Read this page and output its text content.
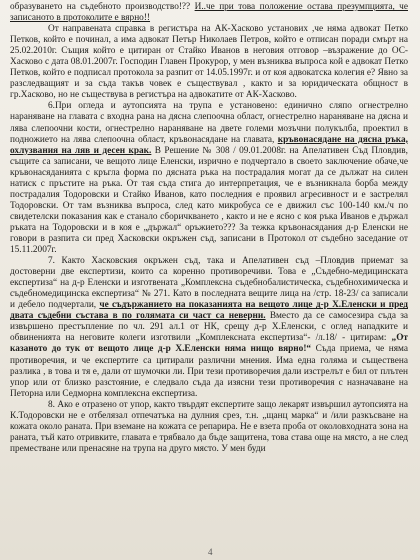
образуването на съдебното производство!?? И..че при това положение остава презумпцията, че записаното в протоколите е вярно!!

От направената справка в регистъра на АК-Хасково установих ,че няма адвокат Петко Петков, който е починал, а има адвокат Петър Николаев Петров, който е отписан поради смърт на 25.02.2010г. Същия който е цитиран от Стайко Иванов в неговия отговор –възражение до ОС-Хасково с дата 08.01.2007г. Господин Главен Прокурор, у мен възниква въпроса кой е адвокат Петко Петков, който е подписал протокола за разпит от 14.05.1997г. и от коя адвокатска колегия е? Явно за разследващият и за съда такъв човек е съществувал , както и за юридическата общност в гр.Хасково, но не съществува в регистъра на адвокатите от АК-Хасково.

6.При огледа и аутопсията на трупа е установено: единично сляпо огнестрелно нараняване на главата с входна рана на дясна слепоочна област, огнестрелно нараняване на дясна и лява слепоочни кости, огнестрелно нараняване на двете големи мозъчни полукълба, проектил в подножието на лява слепоочна област, кръвонасядане на главата, кръвонасядане на дясна ръка, охлузвания на ляв и десен крак. В Решение № 308 / 09.01.2008г. на Апелативен Съд Пловдив, същите са записани, че вещото лице Еленски, изрично е подчертало в своето заключение обаче,че кръвонасяданията с кръгла форма по дясната ръка на пострадалия могат да се дължат на силен натиск с пръстите на ръка. От тая съда стига до интерпретация, че е възникнала борба между пострадалия Тодоровски и Стайко Иванов, като последния е проявил агресивност и е застрелял Тодоровски. От там възниква въпроса, след като микробуса се е движил със 100-140 км./ч по свидетелски показания как е станало сборичкването , както и не е ясно с коя ръка Иванов е държал ръката на Тодоровски и в коя е „държал“ оръжието??? За тежка кръвонасядания д-р Еленски не говори в разпита си пред Хасковски окръжен съд, записани в Протокол от съдебно заседание от 15.11.2007г.

7. Както Хасковския окръжен съд, така и Апелативен съд –Пловдив приемат за достоверни две експертизи, които са коренно противоречиви. Това е „Съдебно-медицинската експертиза“ на д-р Еленски и изготвената „Комплексна съдебнобалистическа, съдебнохимическа и съдебномедицинска експертиза“ № 271. Като в последната вещите лица на /стр. 18-23/ са записали и дебело подчертали, че съдържанието на показанията на вещото лице д-р Х.Еленски и пред двата съдебни състава в по голямата си част са неверни. Вместо да се самосезира съда за извършено престъпление по чл. 291 ал.1 от НК, срещу д-р Х.Еленски, с оглед нападките и обвиненията на неговите колеги изготвили „Комплексната експертиза“- /л.18/ - цитирам: „От казаното до тук от вещото лице д-р Х.Еленски няма нищо вярно!“ Съда приема, че няма противоречия, и че експертите са цитирали различни мнения. Има една голяма и съществена разлика , в това и тя е, дали от шумочки ли. При тези противоречия дали изстрелът е бил от плътен упор или от близко разстояние, е следвало съда да изясни тези противоречия с назначаване на Петорна или Седморна комплексна експертиза.

8. Ако е отразено от упор, както твърдят експертите защо лекарят извършил аутопсията на К.Тодоровски не е отбелязал отпечатъка на дулния срез, т.н. „щанц марка“ и /или разкъсване на кожата около раната. При вземане на кожата се репарира. Не е взета проба от околовходната зона на раната, тъй като отривките, главата е трябвало да бъде защитена, това става още на място, а не след преместване или пренасяне на трупа на друго място. У мен буди

4
